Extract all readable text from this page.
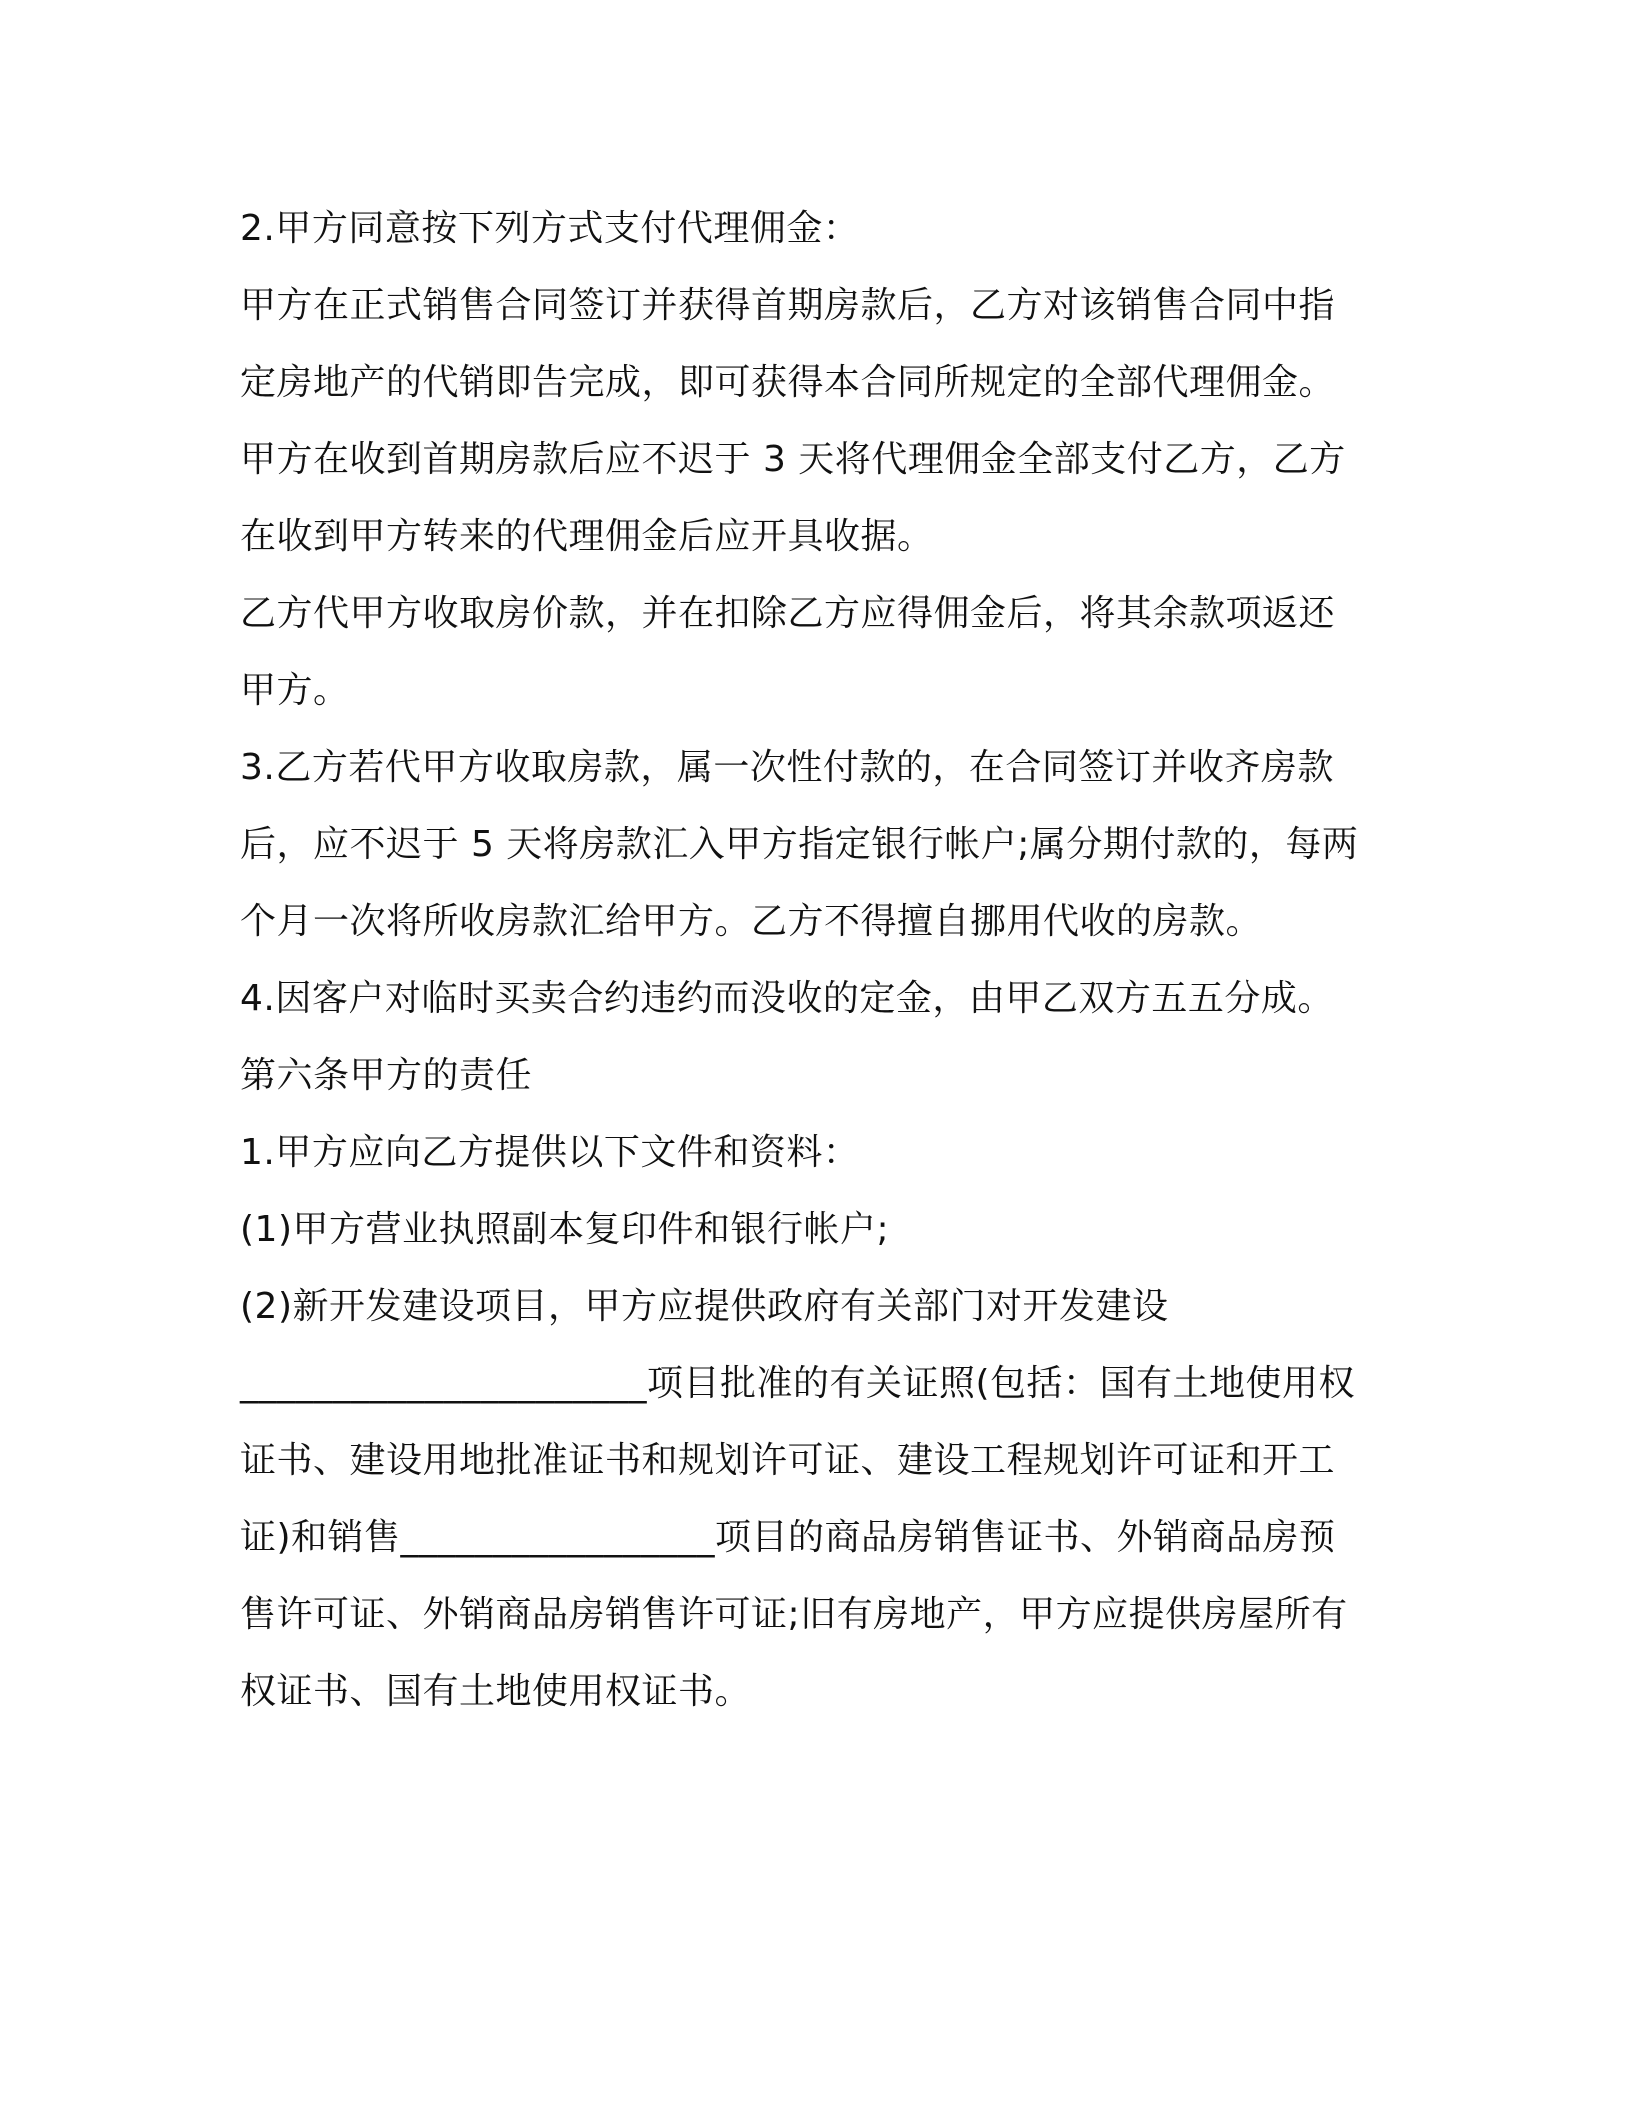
2.甲方同意按下列方式支付代理佣金：
甲方在正式销售合同签订并获得首期房款后，乙方对该销售合同中指
定房地产的代销即告完成，即可获得本合同所规定的全部代理佣金。
甲方在收到首期房款后应不迟于 3 天将代理佣金全部支付乙方，乙方
在收到甲方转来的代理佣金后应开具收据。
乙方代甲方收取房价款，并在扣除乙方应得佣金后，将其余款项返还
甲方。
3.乙方若代甲方收取房款，属一次性付款的，在合同签订并收齐房款
后，应不迟于 5 天将房款汇入甲方指定银行帐户;属分期付款的，每两
个月一次将所收房款汇给甲方。乙方不得擅自挪用代收的房款。
4.因客户对临时买卖合约违约而没收的定金，由甲乙双方五五分成。
第六条甲方的责任
1.甲方应向乙方提供以下文件和资料：
(1)甲方营业执照副本复印件和银行帐户;
(2)新开发建设项目，甲方应提供政府有关部门对开发建设
______________________项目批准的有关证照(包括：国有土地使用权
证书、建设用地批准证书和规划许可证、建设工程规划许可证和开工
证)和销售_________________项目的商品房销售证书、外销商品房预
售许可证、外销商品房销售许可证;旧有房地产，甲方应提供房屋所有
权证书、国有土地使用权证书。
